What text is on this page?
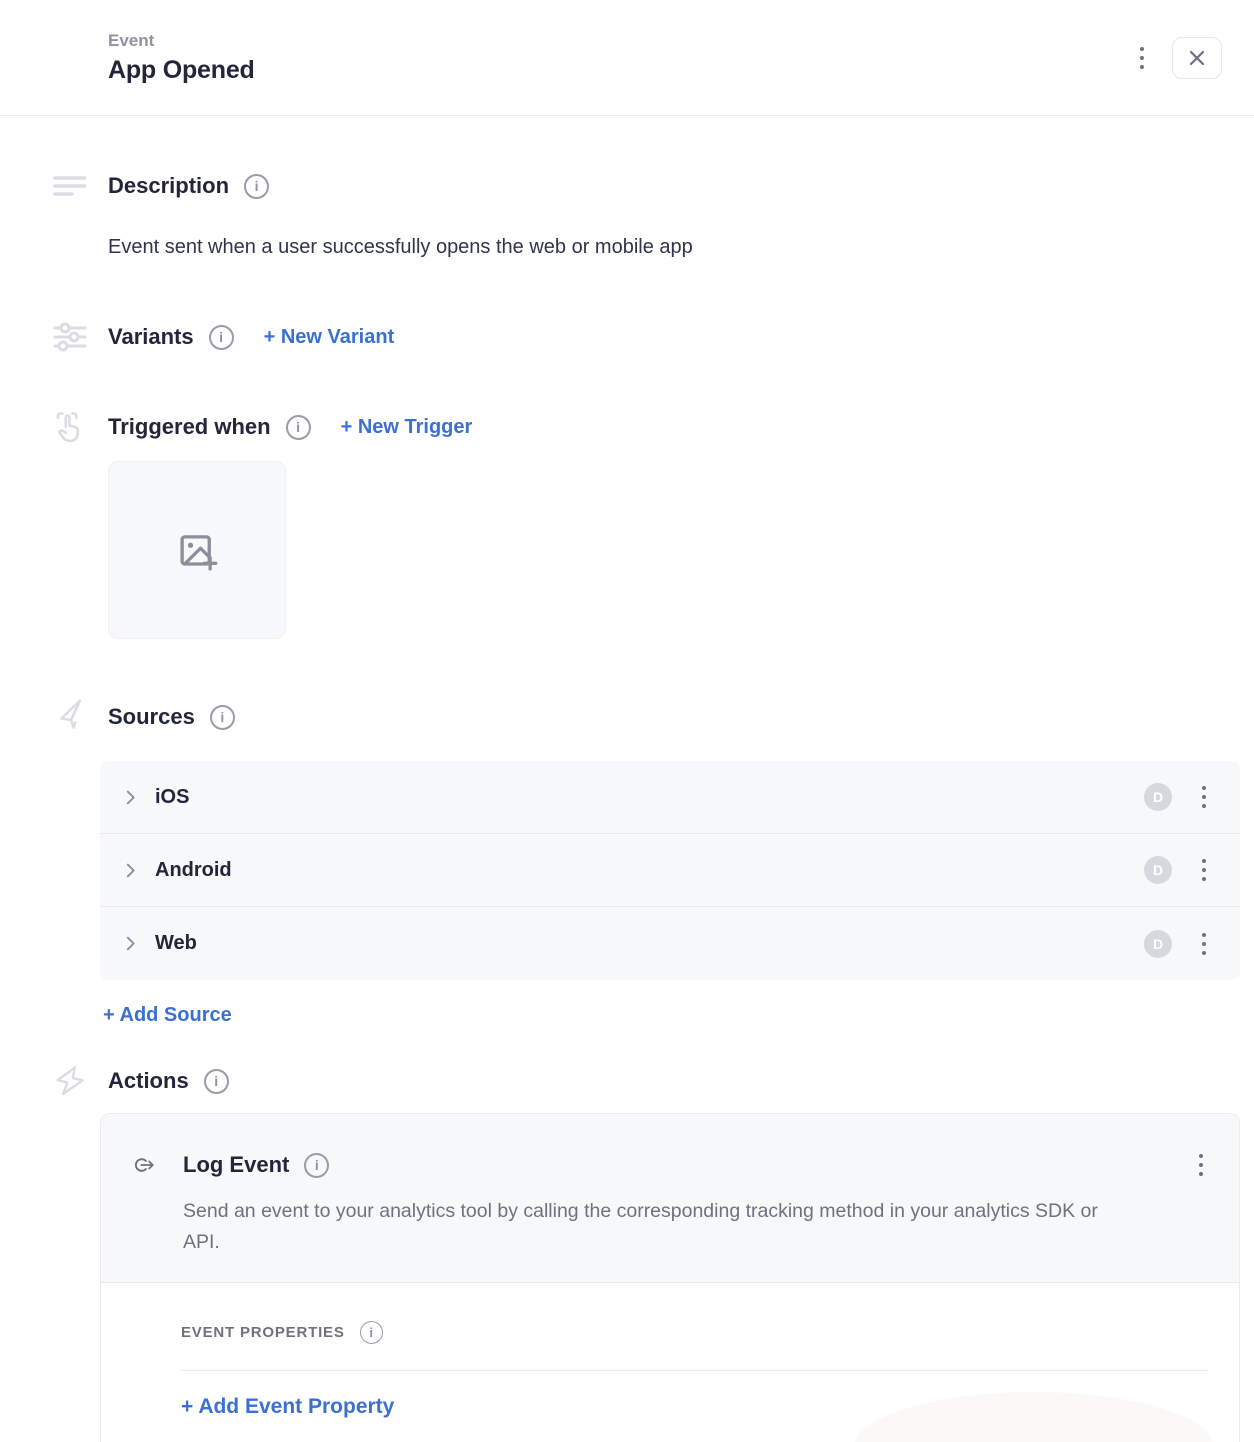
Event
App Opened
Description	i
Event sent when a user successfully opens the web or mobile app
Variants	i	+ New Variant
Triggered when	i	+ New Trigger
Sources	i
iOS	D
Android	D
Web	D
+ Add Source
Actions	i
Log Event	i
Send an event to your analytics tool by calling the corresponding tracking method in your analytics SDK or API.
EVENT PROPERTIES	i
+ Add Event Property
